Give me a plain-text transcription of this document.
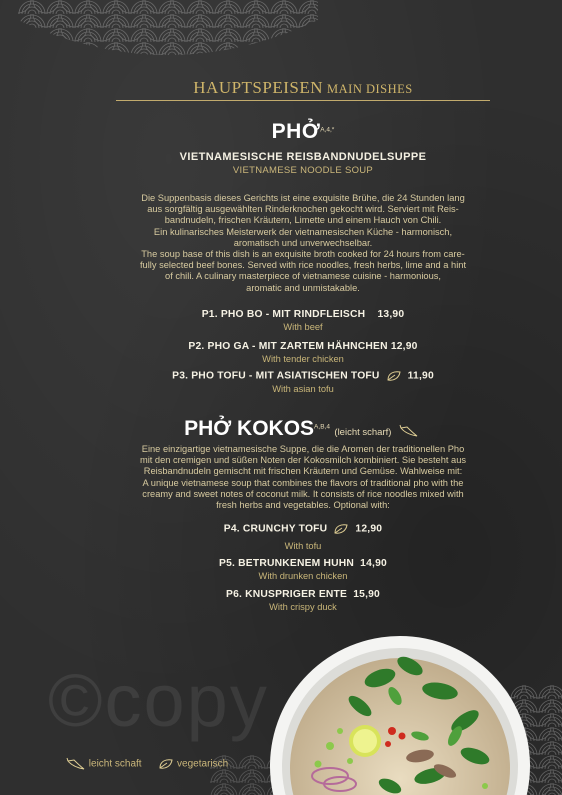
HAUPTSPEISEN MAIN DISHES
PHỞ$^{A,4,*}$
VIETNAMESISCHE REISBANDNUDELSUPPE
VIETNAMESE NOODLE SOUP
Die Suppenbasis dieses Gerichts ist eine exquisite Brühe, die 24 Stunden lang
aus sorgfältig ausgewählten Rinderknochen gekocht wird. Serviert mit Reis-
bandnudeln, frischen Kräutern, Limette und einem Hauch von Chili.
Ein kulinarisches Meisterwerk der vietnamesischen Küche - harmonisch,
aromatisch und unverwechselbar.
The soup base of this dish is an exquisite broth cooked for 24 hours from care-
fully selected beef bones. Served with rice noodles, fresh herbs, lime and a hint
of chili. A culinary masterpiece of vietnamese cuisine - harmonious,
aromatic and unmistakable.
P1. PHO BO - MIT RINDFLEISCH 13,90
With beef
P2. PHO GA - MIT ZARTEM HÄHNCHEN 12,90
With tender chicken
P3. PHO TOFU - MIT ASIATISCHEN TOFU	11,90
With asian tofu
PHỞ $KOKOS^{A,B,4}$ (leicht scharf)
Eine einzigartige vietnamesische Suppe, die die Aromen der traditionellen Pho
mit den cremigen und süßen Noten der Kokosmilch kombiniert. Sie besteht aus
Reisbandnudeln gemischt mit frischen Kräutern und Gemüse. Wahlweise mit:
A unique vietnamese soup that combines the flavors of traditional pho with the
creamy and sweet notes of coconut milk. It consists of rice noodles mixed with
fresh herbs and vegetables. Optional with:
P4. CRUNCHY TOFU	12,90
With tofu
P5. BETRUNKENEM HUHN 14,90
With drunken chicken
P6. KNUSPRIGER ENTE 15,90
With crispy duck
©copy
leicht schaft	vegetarisch
